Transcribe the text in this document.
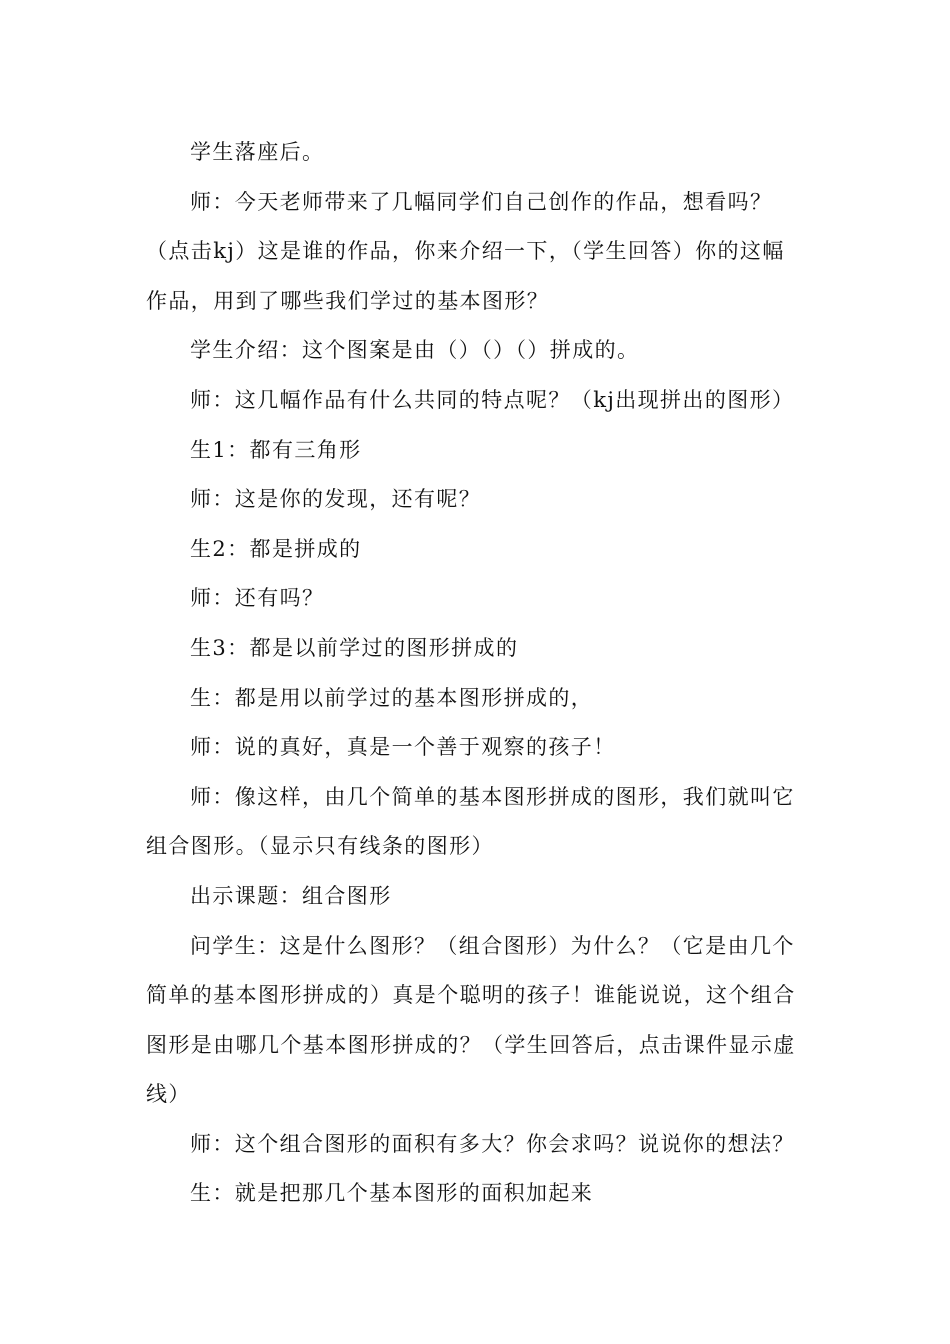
学生落座后。
师：今天老师带来了几幅同学们自己创作的作品，想看吗？
（点击kj）这是谁的作品，你来介绍一下，（学生回答）你的这幅
作品，用到了哪些我们学过的基本图形？
学生介绍：这个图案是由（）（）（）拼成的。
师：这几幅作品有什么共同的特点呢？（kj出现拼出的图形）
生1：都有三角形
师：这是你的发现，还有呢？
生2：都是拼成的
师：还有吗？
生3：都是以前学过的图形拼成的
生：都是用以前学过的基本图形拼成的，
师：说的真好，真是一个善于观察的孩子！
师：像这样，由几个简单的基本图形拼成的图形，我们就叫它
组合图形。（显示只有线条的图形）
出示课题：组合图形
问学生：这是什么图形？（组合图形）为什么？（它是由几个
简单的基本图形拼成的）真是个聪明的孩子！谁能说说，这个组合
图形是由哪几个基本图形拼成的？（学生回答后，点击课件显示虚
线）
师：这个组合图形的面积有多大？你会求吗？说说你的想法？
生：就是把那几个基本图形的面积加起来
